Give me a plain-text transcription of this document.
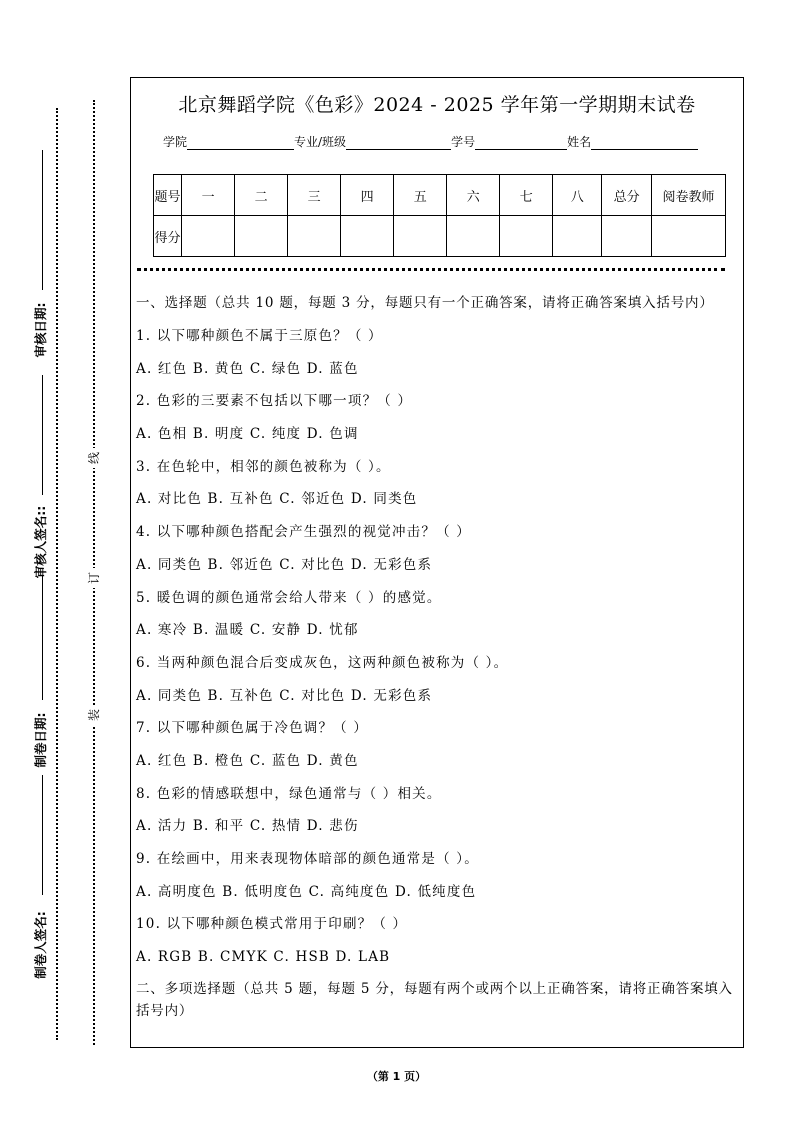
审核日期:
审核人签名::
制卷日期:
制卷人签名:
线
订
装
北京舞蹈学院《色彩》2024 - 2025 学年第一学期期末试卷
学院	专业/班级	学号	姓名
题号	一	二	三	四	五	六	七	八	总分	阅卷教师
得分										
一、选择题（总共 10 题，每题 3 分，每题只有一个正确答案，请将正确答案填入括号内）
1. 以下哪种颜色不属于三原色？（ ）
A. 红色 B. 黄色 C. 绿色 D. 蓝色
2. 色彩的三要素不包括以下哪一项？（ ）
A. 色相 B. 明度 C. 纯度 D. 色调
3. 在色轮中，相邻的颜色被称为（ ）。
A. 对比色 B. 互补色 C. 邻近色 D. 同类色
4. 以下哪种颜色搭配会产生强烈的视觉冲击？（ ）
A. 同类色 B. 邻近色 C. 对比色 D. 无彩色系
5. 暖色调的颜色通常会给人带来（ ）的感觉。
A. 寒冷 B. 温暖 C. 安静 D. 忧郁
6. 当两种颜色混合后变成灰色，这两种颜色被称为（ ）。
A. 同类色 B. 互补色 C. 对比色 D. 无彩色系
7. 以下哪种颜色属于冷色调？（ ）
A. 红色 B. 橙色 C. 蓝色 D. 黄色
8. 色彩的情感联想中，绿色通常与（ ）相关。
A. 活力 B. 和平 C. 热情 D. 悲伤
9. 在绘画中，用来表现物体暗部的颜色通常是（ ）。
A. 高明度色 B. 低明度色 C. 高纯度色 D. 低纯度色
10. 以下哪种颜色模式常用于印刷？（ ）
A. RGB B. CMYK C. HSB D. LAB
二、多项选择题（总共 5 题，每题 5 分，每题有两个或两个以上正确答案，请将正确答案填入括号内）
（第 1 页）
